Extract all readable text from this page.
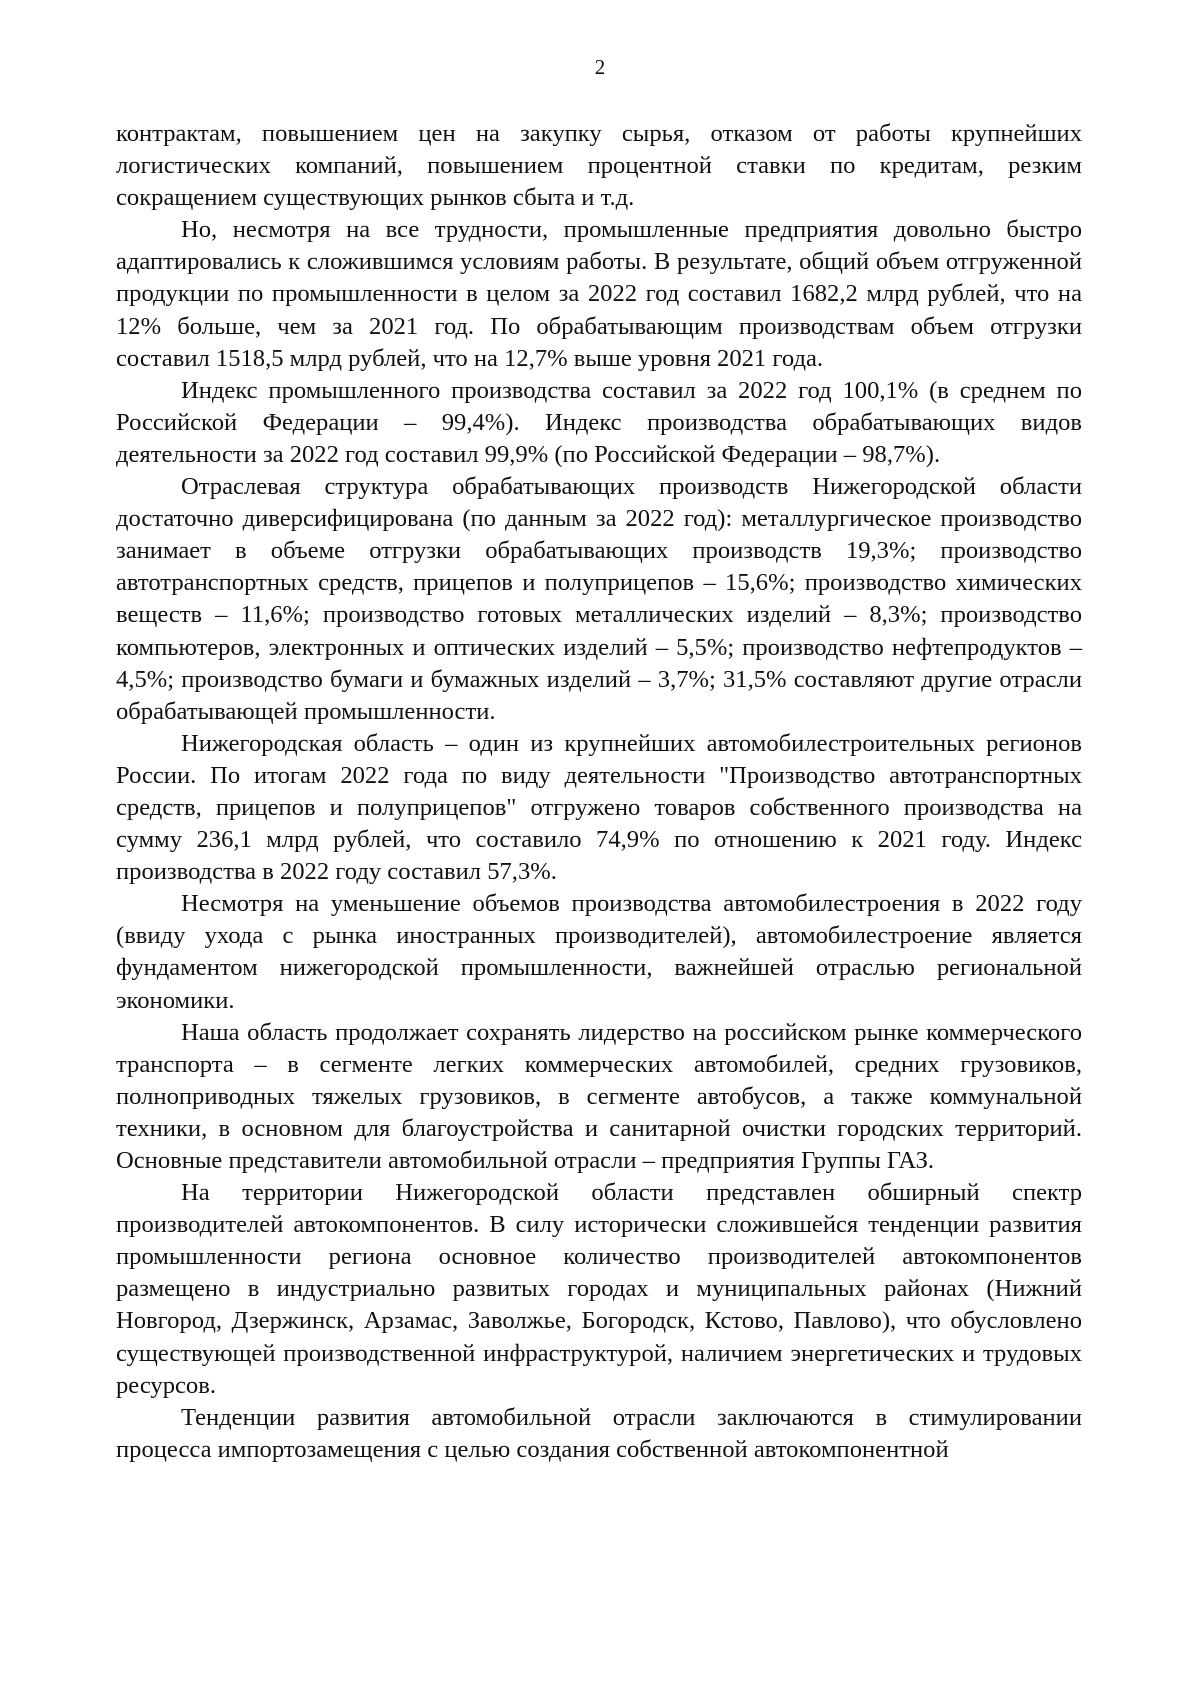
2

контрактам, повышением цен на закупку сырья, отказом от работы крупнейших логистических компаний, повышением процентной ставки по кредитам, резким сокращением существующих рынков сбыта и т.д.

Но, несмотря на все трудности, промышленные предприятия довольно быстро адаптировались к сложившимся условиям работы. В результате, общий объем отгруженной продукции по промышленности в целом за 2022 год составил 1682,2 млрд рублей, что на 12% больше, чем за 2021 год. По обрабатывающим производствам объем отгрузки составил 1518,5 млрд рублей, что на 12,7% выше уровня 2021 года.

Индекс промышленного производства составил за 2022 год 100,1% (в среднем по Российской Федерации – 99,4%). Индекс производства обрабатывающих видов деятельности за 2022 год составил 99,9% (по Российской Федерации – 98,7%).

Отраслевая структура обрабатывающих производств Нижегородской области достаточно диверсифицирована (по данным за 2022 год): металлургическое производство занимает в объеме отгрузки обрабатывающих производств 19,3%; производство автотранспортных средств, прицепов и полуприцепов – 15,6%; производство химических веществ – 11,6%; производство готовых металлических изделий – 8,3%; производство компьютеров, электронных и оптических изделий – 5,5%; производство нефтепродуктов – 4,5%; производство бумаги и бумажных изделий – 3,7%; 31,5% составляют другие отрасли обрабатывающей промышленности.

Нижегородская область – один из крупнейших автомобилестроительных регионов России. По итогам 2022 года по виду деятельности "Производство автотранспортных средств, прицепов и полуприцепов" отгружено товаров собственного производства на сумму 236,1 млрд рублей, что составило 74,9% по отношению к 2021 году. Индекс производства в 2022 году составил 57,3%.

Несмотря на уменьшение объемов производства автомобилестроения в 2022 году (ввиду ухода с рынка иностранных производителей), автомобилестроение является фундаментом нижегородской промышленности, важнейшей отраслью региональной экономики.

Наша область продолжает сохранять лидерство на российском рынке коммерческого транспорта – в сегменте легких коммерческих автомобилей, средних грузовиков, полноприводных тяжелых грузовиков, в сегменте автобусов, а также коммунальной техники, в основном для благоустройства и санитарной очистки городских территорий. Основные представители автомобильной отрасли – предприятия Группы ГАЗ.

На территории Нижегородской области представлен обширный спектр производителей автокомпонентов. В силу исторически сложившейся тенденции развития промышленности региона основное количество производителей автокомпонентов размещено в индустриально развитых городах и муниципальных районах (Нижний Новгород, Дзержинск, Арзамас, Заволжье, Богородск, Кстово, Павлово), что обусловлено существующей производственной инфраструктурой, наличием энергетических и трудовых ресурсов.

Тенденции развития автомобильной отрасли заключаются в стимулировании процесса импортозамещения с целью создания собственной автокомпонентной
